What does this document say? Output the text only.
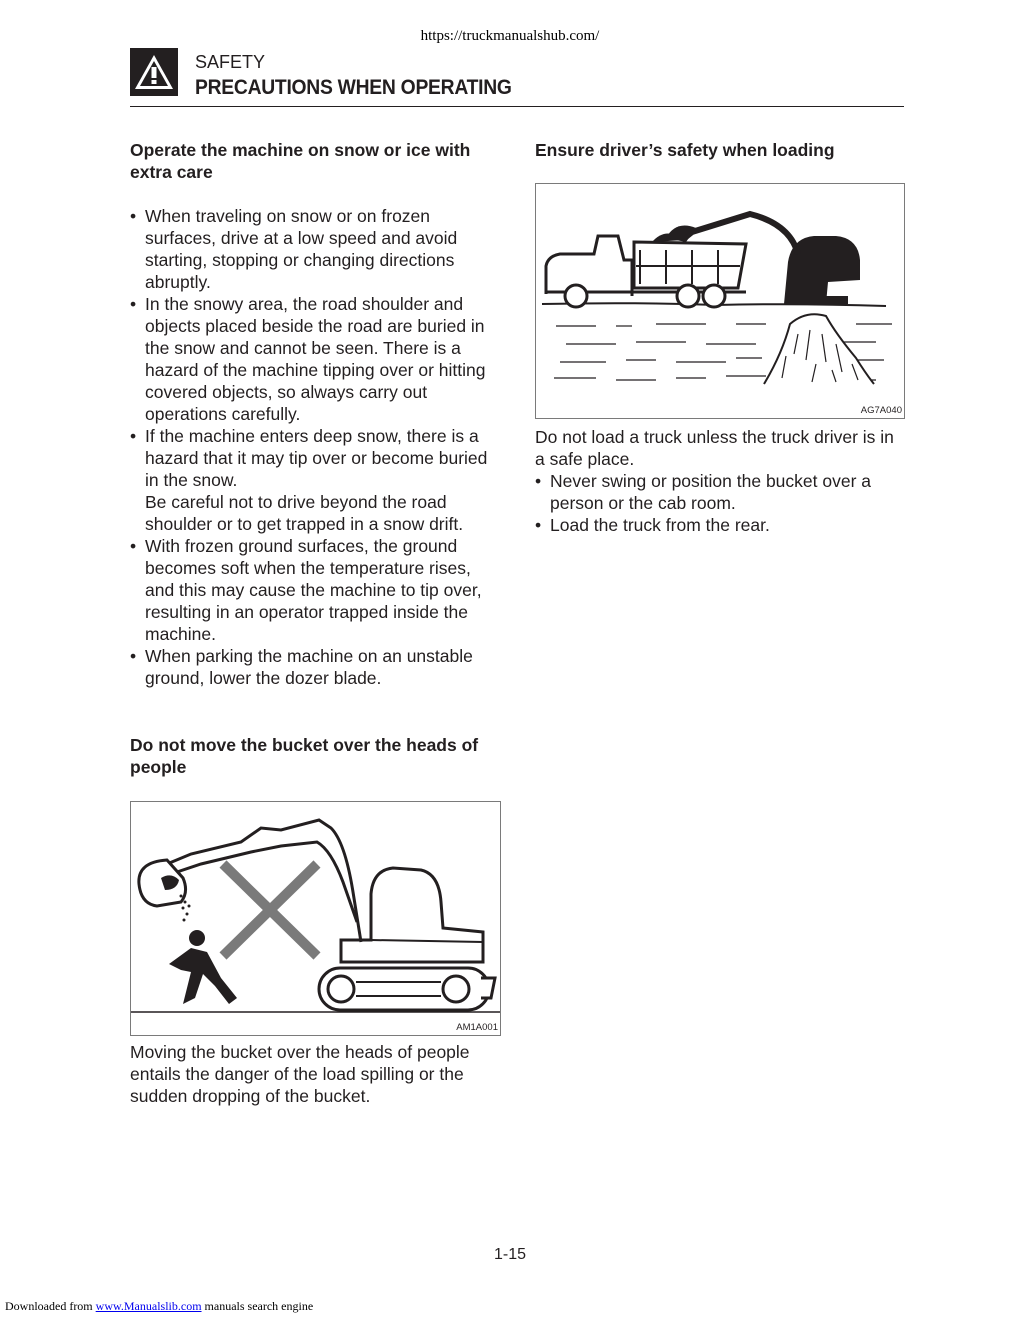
https://truckmanualshub.com/
SAFETY
PRECAUTIONS WHEN OPERATING
Operate the machine on snow or ice with extra care
• When traveling on snow or on frozen surfaces, drive at a low speed and avoid starting, stopping or changing directions abruptly.
• In the snowy area, the road shoulder and objects placed beside the road are buried in the snow and cannot be seen. There is a hazard of the machine tipping over or hitting covered objects, so always carry out operations carefully.
• If the machine enters deep snow, there is a hazard that it may tip over or become buried in the snow.
Be careful not to drive beyond the road shoulder or to get trapped in a snow drift.
• With frozen ground surfaces, the ground becomes soft when the temperature rises, and this may cause the machine to tip over, resulting in an operator trapped inside the machine.
• When parking the machine on an unstable ground, lower the dozer blade.
Do not move the bucket over the heads of people
AM1A001
Moving the bucket over the heads of people entails the danger of the load spilling or the sudden dropping of the bucket.
Ensure driver’s safety when loading
AG7A040
Do not load a truck unless the truck driver is in a safe place.
• Never swing or position the bucket over a person or the cab room.
• Load the truck from the rear.
1-15
Downloaded from www.Manualslib.com manuals search engine
